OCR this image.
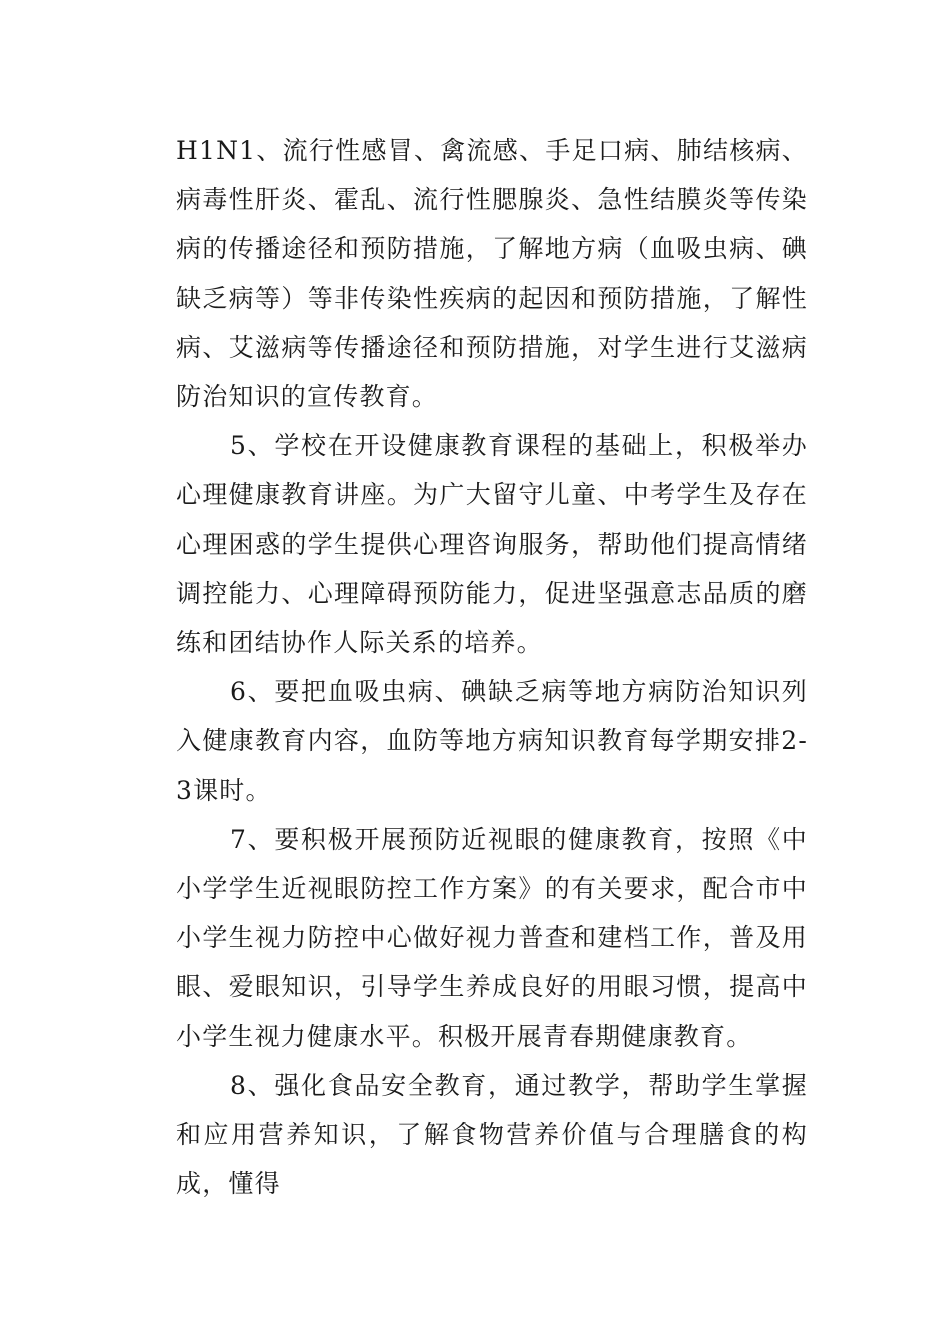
H1N1、流行性感冒、禽流感、手足口病、肺结核病、病毒性肝炎、霍乱、流行性腮腺炎、急性结膜炎等传染病的传播途径和预防措施，了解地方病（血吸虫病、碘缺乏病等）等非传染性疾病的起因和预防措施，了解性病、艾滋病等传播途径和预防措施，对学生进行艾滋病防治知识的宣传教育。

5、学校在开设健康教育课程的基础上，积极举办心理健康教育讲座。为广大留守儿童、中考学生及存在心理困惑的学生提供心理咨询服务，帮助他们提高情绪调控能力、心理障碍预防能力，促进坚强意志品质的磨练和团结协作人际关系的培养。

6、要把血吸虫病、碘缺乏病等地方病防治知识列入健康教育内容，血防等地方病知识教育每学期安排2-3课时。

7、要积极开展预防近视眼的健康教育，按照《中小学学生近视眼防控工作方案》的有关要求，配合市中小学生视力防控中心做好视力普查和建档工作，普及用眼、爱眼知识，引导学生养成良好的用眼习惯，提高中小学生视力健康水平。积极开展青春期健康教育。

8、强化食品安全教育，通过教学，帮助学生掌握和应用营养知识，了解食物营养价值与合理膳食的构成，懂得
